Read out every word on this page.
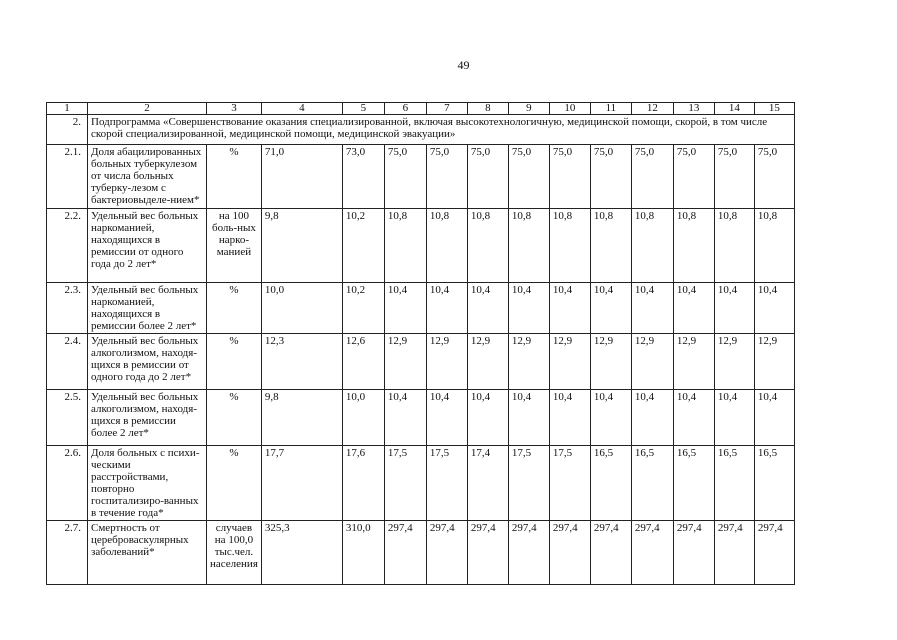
49
1	2	3	4	5	6	7	8	9	10	11	12	13	14	15
2.	Подпрограмма «Совершенствование оказания специализированной, включая высокотехнологичную, медицинской помощи, скорой, в том числе скорой специализированной, медицинской помощи, медицинской эвакуации»													
2.1.	Доля абацилированных больных туберкулезом от числа больных туберку-лезом с бактериовыделе-нием*	%	71,0	73,0	75,0	75,0	75,0	75,0	75,0	75,0	75,0	75,0	75,0	75,0
2.2.	Удельный вес больных наркоманией, находящихся в ремиссии от одного года до 2 лет*	на 100 боль-ных нарко-манией	9,8	10,2	10,8	10,8	10,8	10,8	10,8	10,8	10,8	10,8	10,8	10,8
2.3.	Удельный вес больных наркоманией, находящихся в ремиссии более 2 лет*	%	10,0	10,2	10,4	10,4	10,4	10,4	10,4	10,4	10,4	10,4	10,4	10,4
2.4.	Удельный вес больных алкоголизмом, находя-щихся в ремиссии от одного года до 2 лет*	%	12,3	12,6	12,9	12,9	12,9	12,9	12,9	12,9	12,9	12,9	12,9	12,9
2.5.	Удельный вес больных алкоголизмом, находя-щихся в ремиссии более 2 лет*	%	9,8	10,0	10,4	10,4	10,4	10,4	10,4	10,4	10,4	10,4	10,4	10,4
2.6.	Доля больных с психи-ческими расстройствами, повторно госпитализиро-ванных в течение года*	%	17,7	17,6	17,5	17,5	17,4	17,5	17,5	16,5	16,5	16,5	16,5	16,5
2.7.	Смертность от цереброваскулярных заболеваний*	случаев на 100,0 тыс.чел. населения	325,3	310,0	297,4	297,4	297,4	297,4	297,4	297,4	297,4	297,4	297,4	297,4
